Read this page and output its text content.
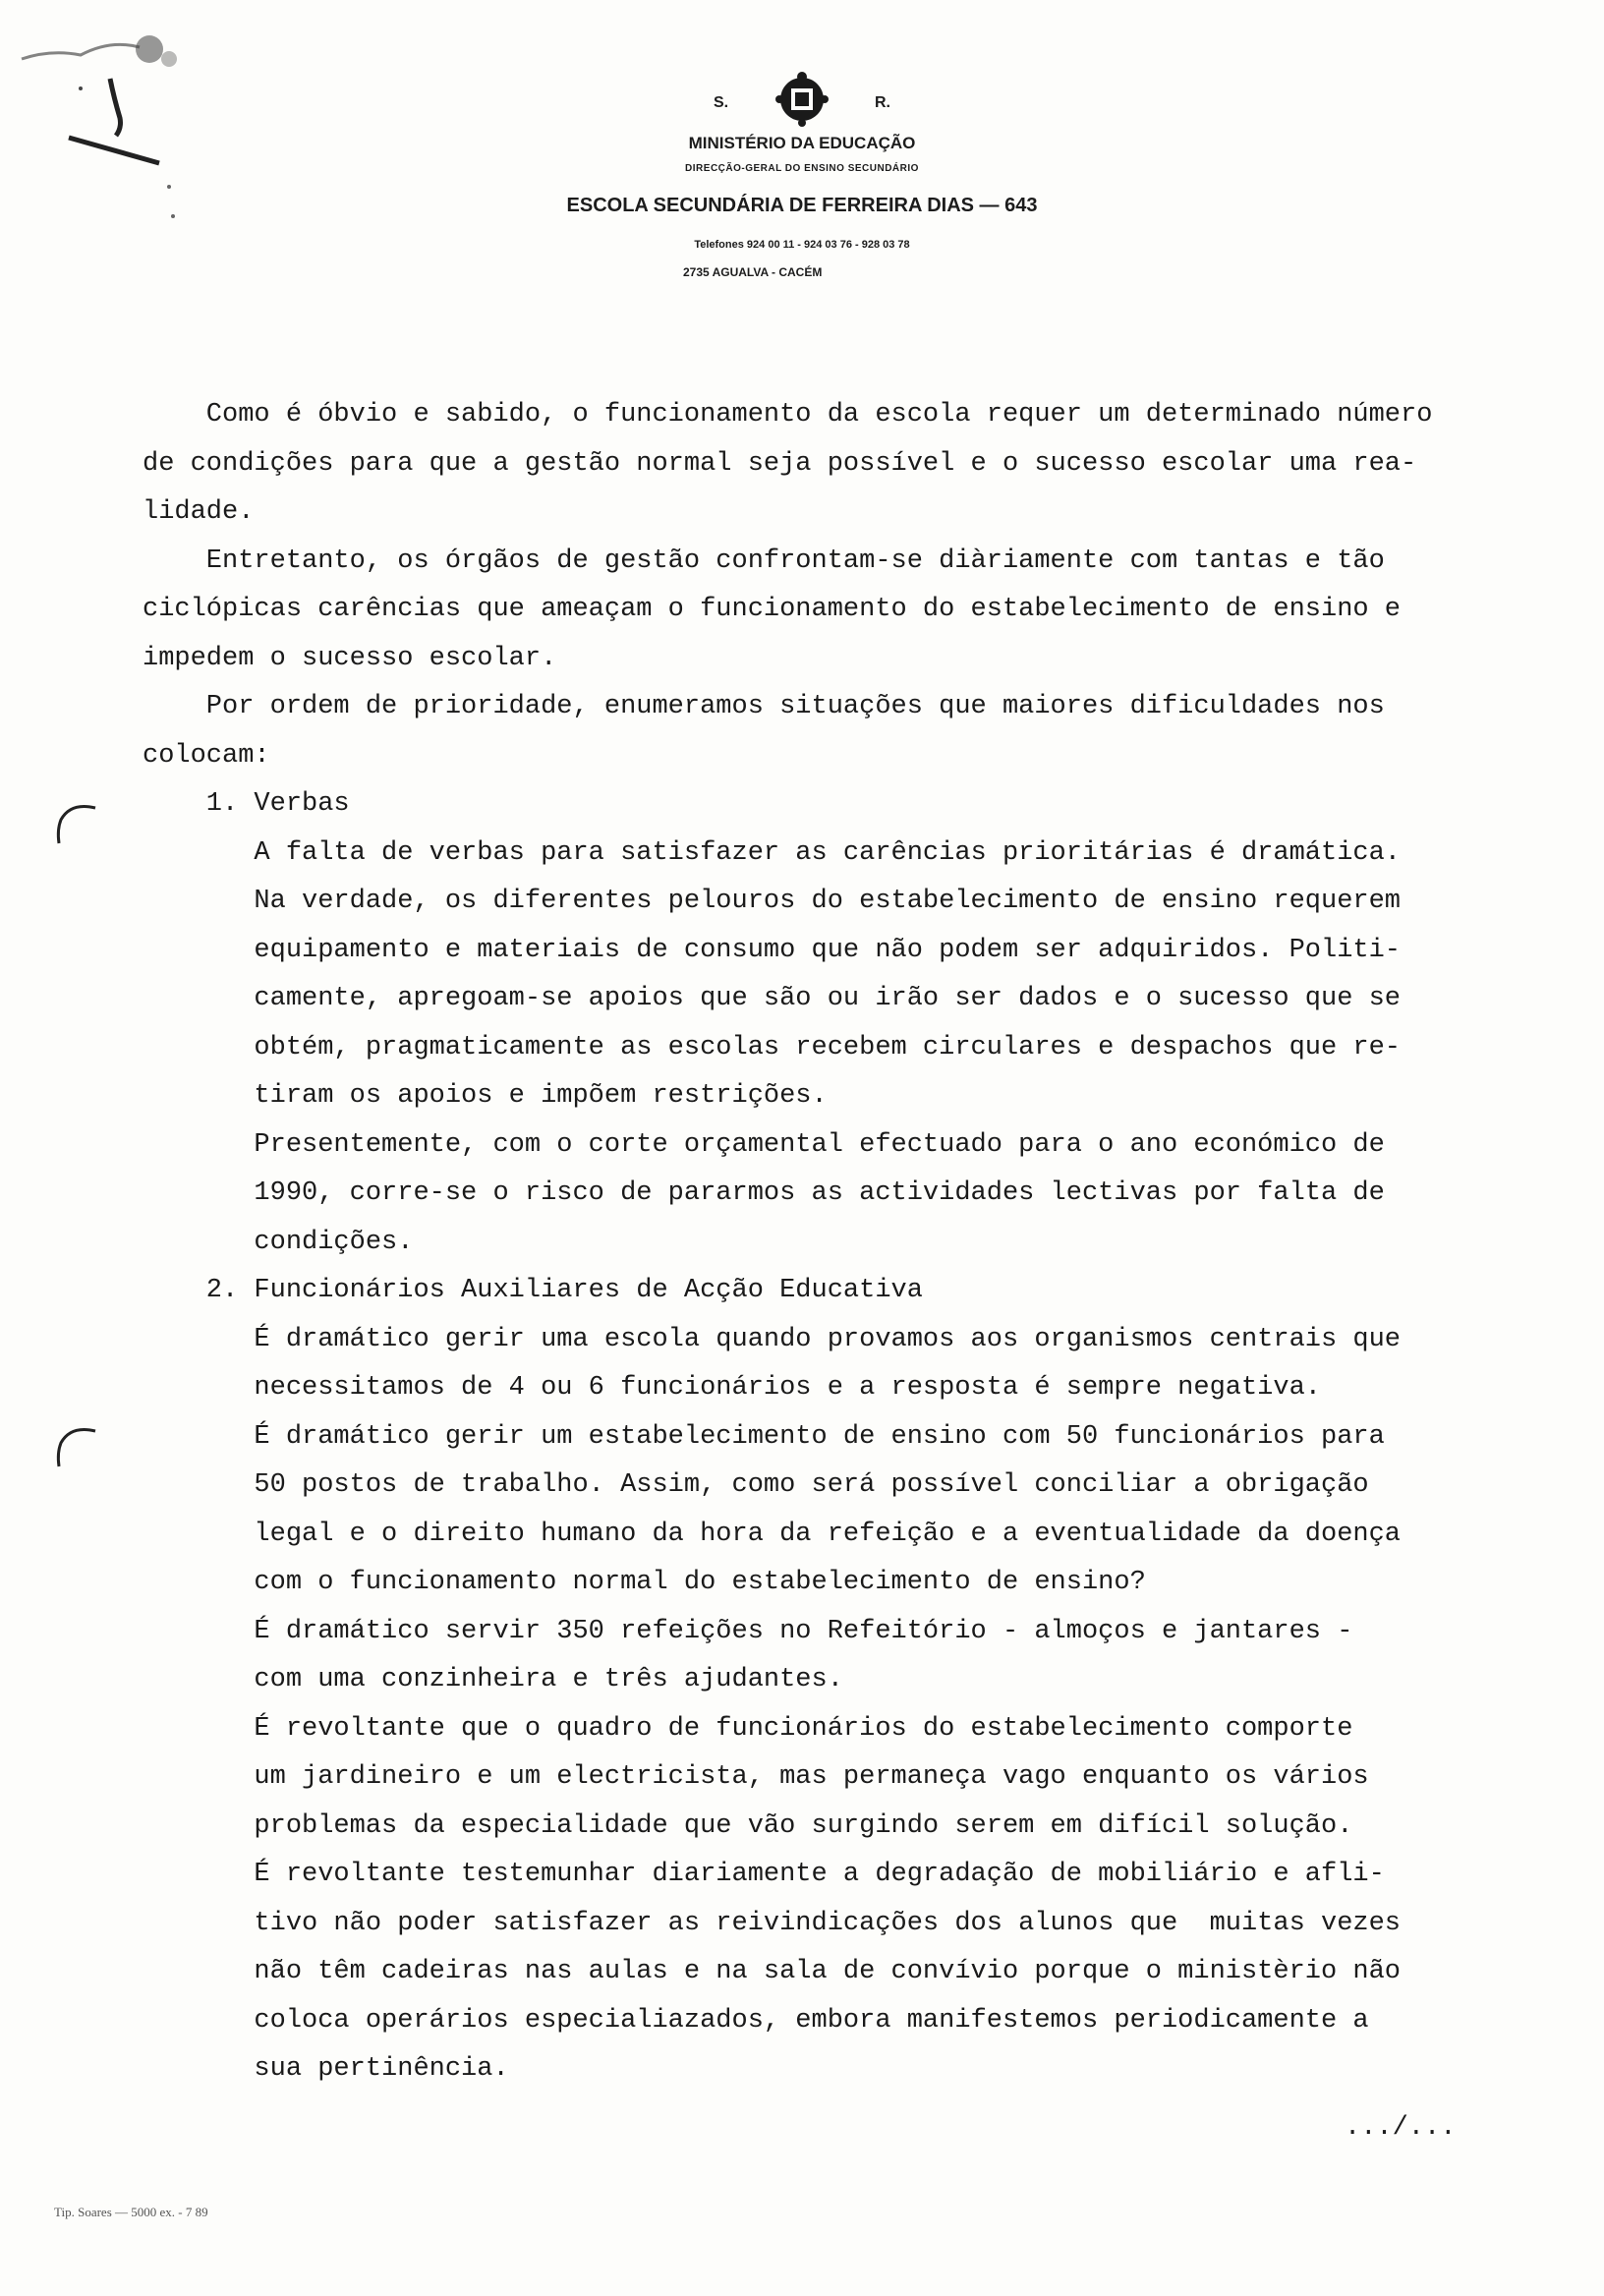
S.	R.
MINISTÉRIO DA EDUCAÇÃO
DIRECÇÃO-GERAL DO ENSINO SECUNDÁRIO
ESCOLA SECUNDÁRIA DE FERREIRA DIAS — 643
Telefones 924 00 11 - 924 03 76 - 928 03 78
2735 AGUALVA - CACÉM
Como é óbvio e sabido, o funcionamento da escola requer um determinado número
de condições para que a gestão normal seja possível e o sucesso escolar uma rea-
lidade.
Entretanto, os órgãos de gestão confrontam-se diàriamente com tantas e tão
ciclópicas carências que ameaçam o funcionamento do estabelecimento de ensino e
impedem o sucesso escolar.
Por ordem de prioridade, enumeramos situações que maiores dificuldades nos
colocam:
1. Verbas
A falta de verbas para satisfazer as carências prioritárias é dramática.
Na verdade, os diferentes pelouros do estabelecimento de ensino requerem
equipamento e materiais de consumo que não podem ser adquiridos. Politi-
camente, apregoam-se apoios que são ou irão ser dados e o sucesso que se
obtém, pragmaticamente as escolas recebem circulares e despachos que re-
tiram os apoios e impõem restrições.
Presentemente, com o corte orçamental efectuado para o ano económico de
1990, corre-se o risco de pararmos as actividades lectivas por falta de
condições.
2. Funcionários Auxiliares de Acção Educativa
É dramático gerir uma escola quando provamos aos organismos centrais que
necessitamos de 4 ou 6 funcionários e a resposta é sempre negativa.
É dramático gerir um estabelecimento de ensino com 50 funcionários para
50 postos de trabalho. Assim, como será possível conciliar a obrigação
legal e o direito humano da hora da refeição e a eventualidade da doença
com o funcionamento normal do estabelecimento de ensino?
É dramático servir 350 refeições no Refeitório - almoços e jantares -
com uma conzinheira e três ajudantes.
É revoltante que o quadro de funcionários do estabelecimento comporte
um jardineiro e um electricista, mas permaneça vago enquanto os vários
problemas da especialidade que vão surgindo serem em difícil solução.
É revoltante testemunhar diariamente a degradação de mobiliário e afli-
tivo não poder satisfazer as reivindicações dos alunos que  muitas vezes
não têm cadeiras nas aulas e na sala de convívio porque o ministèrio não
coloca operários especialiazados, embora manifestemos periodicamente a
sua pertinência.
.../...
Tip. Soares — 5000 ex. - 7 89
